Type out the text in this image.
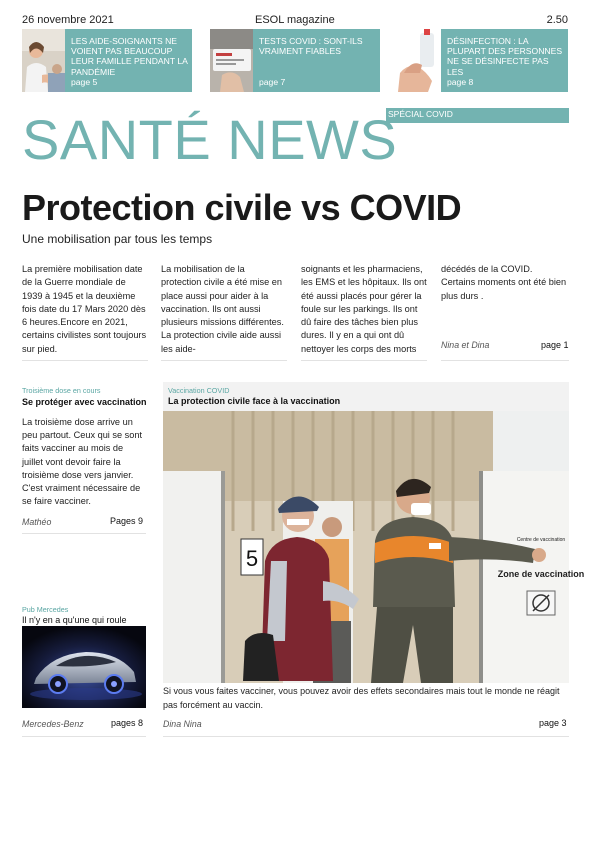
26 novembre 2021	ESOL magazine	2.50
LES AIDE-SOIGNANTS NE VOIENT PAS BEAUCOUP LEUR FAMILLE PENDANT LA PANDÉMIE
page 5
TESTS COVID : SONT-ILS VRAIMENT FIABLES
page 7
DÉSINFECTION : LA PLUPART DES PERSONNES NE SE DÉSINFECTE PAS LES
page 8
SPÉCIAL COVID
SANTÉ NEWS
Protection civile vs COVID
Une mobilisation par tous les temps

La première mobilisation date de la Guerre mondiale de 1939 à 1945 et la deuxième fois date du 17 Mars 2020 dès 6 heures.Encore en 2021, certains civilistes sont toujours sur pied.

La mobilisation de la protection civile a été mise en place aussi pour aider à la vaccination. Ils ont aussi plusieurs missions différentes. La protection civile aide aussi les aide-

soignants et les pharmaciens, les EMS et les hôpitaux. Ils ont été aussi placés pour gérer la foule sur les parkings. Ils ont dû faire des tâches bien plus dures. Il y en a qui ont dû nettoyer les corps des morts

décédés de la COVID. Certains moments ont été bien plus durs .

Nina et Dina	page 1
Troisième dose en cours
Se protéger avec vaccination

La troisième dose arrive un peu partout. Ceux qui se sont faits vacciner au mois de juillet vont devoir faire la troisième dose vers janvier. C'est vraiment nécessaire de se faire vacciner.

Mathéo	Pages 9
Pub Mercedes
Il n'y en a qu'une qui roule
Mercedes-Benz	pages 8
Vaccination COVID
La protection civile face à la vaccination
5
Centre de vaccination
Zone de vaccination

Si vous vous faites vacciner, vous pouvez avoir des effets secondaires mais tout le monde ne réagit pas forcément au vaccin.

Dina Nina	page 3
